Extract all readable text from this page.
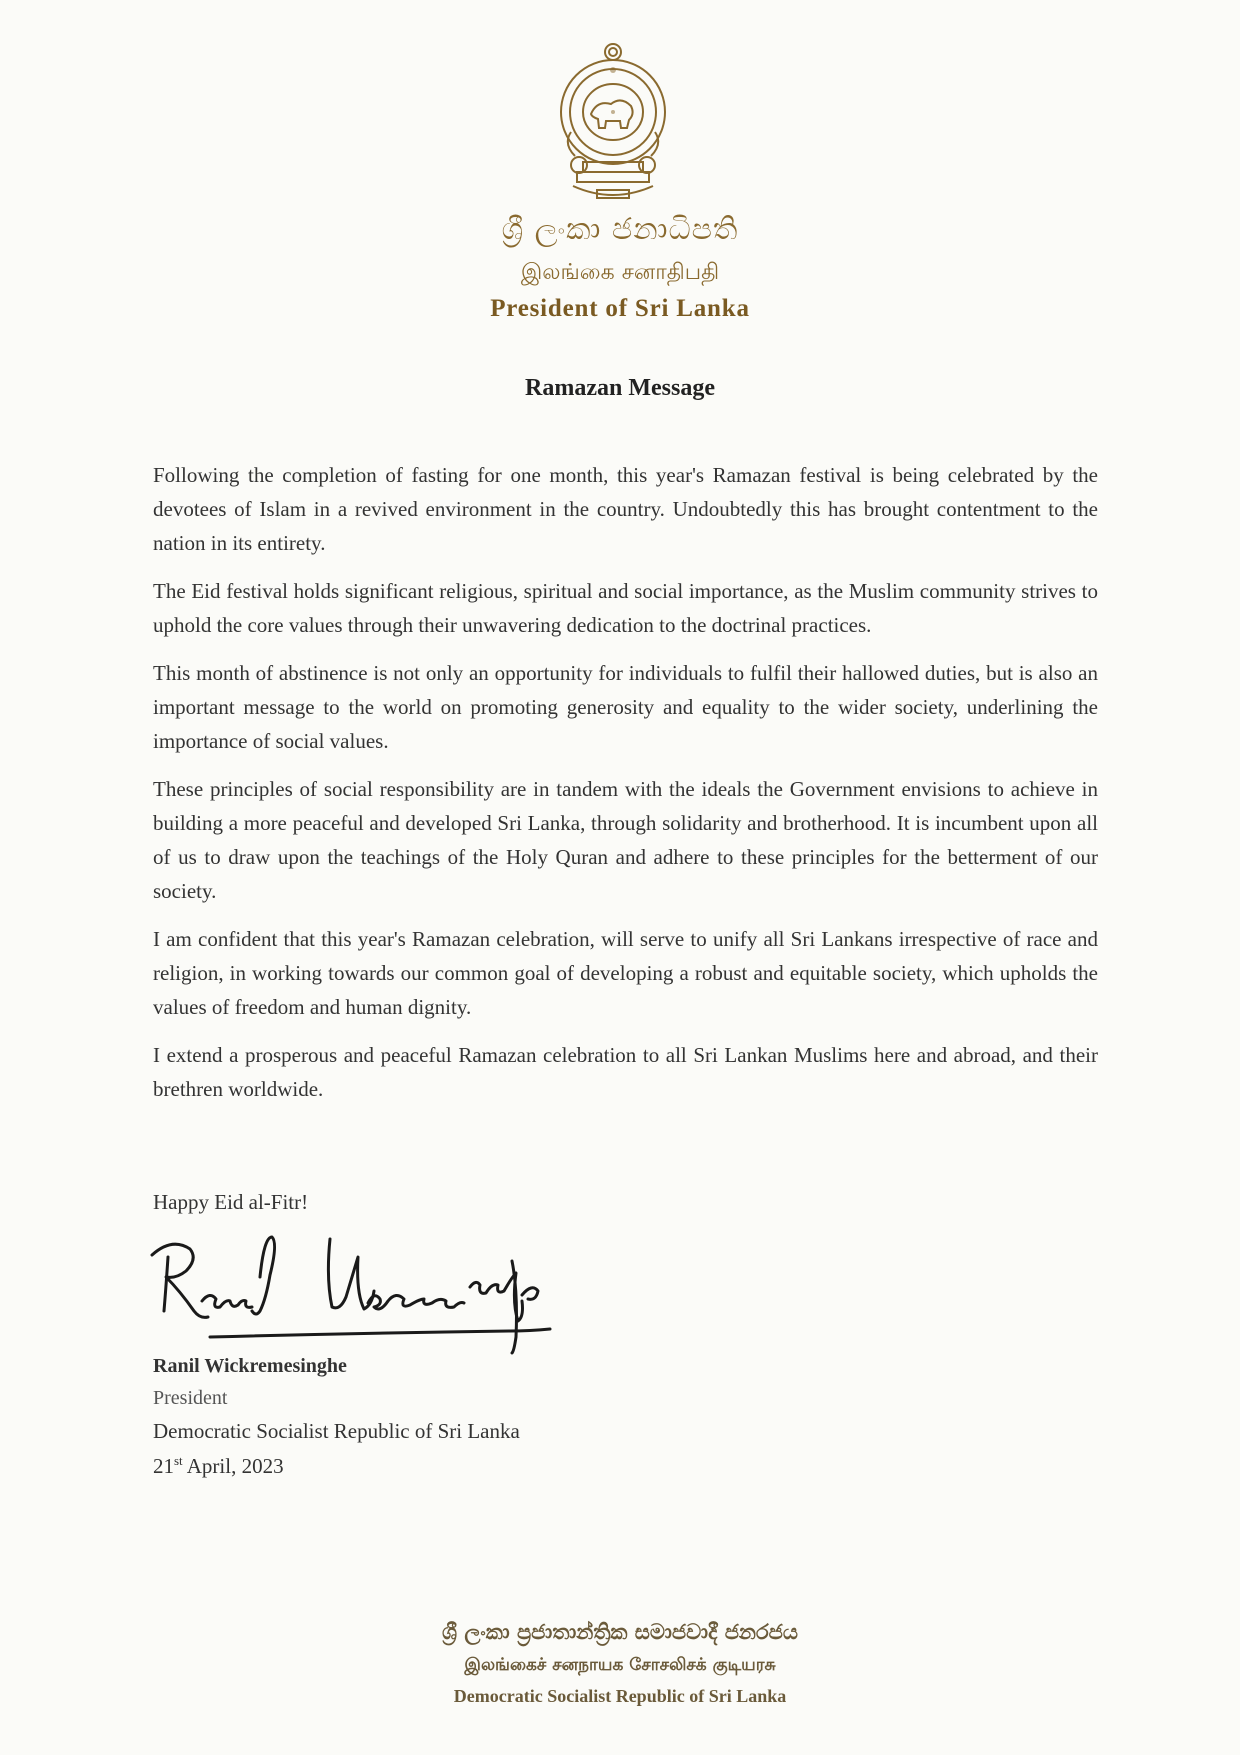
ශ්‍රී ලංකා ජනාධිපති
இலங்கை சனாதிபதி
President of Sri Lanka
Ramazan Message

Following the completion of fasting for one month, this year's Ramazan festival is being celebrated by the devotees of Islam in a revived environment in the country. Undoubtedly this has brought contentment to the nation in its entirety.

The Eid festival holds significant religious, spiritual and social importance, as the Muslim community strives to uphold the core values through their unwavering dedication to the doctrinal practices.

This month of abstinence is not only an opportunity for individuals to fulfil their hallowed duties, but is also an important message to the world on promoting generosity and equality to the wider society, underlining the importance of social values.

These principles of social responsibility are in tandem with the ideals the Government envisions to achieve in building a more peaceful and developed Sri Lanka, through solidarity and brotherhood. It is incumbent upon all of us to draw upon the teachings of the Holy Quran and adhere to these principles for the betterment of our society.

I am confident that this year's Ramazan celebration, will serve to unify all Sri Lankans irrespective of race and religion, in working towards our common goal of developing a robust and equitable society, which upholds the values of freedom and human dignity.

I extend a prosperous and peaceful Ramazan celebration to all Sri Lankan Muslims here and abroad, and their brethren worldwide.

Happy Eid al-Fitr!
Ranil Wickremesinghe
President
Democratic Socialist Republic of Sri Lanka
21st April, 2023
ශ්‍රී ලංකා ප්‍රජාතාන්ත්‍රික සමාජවාදී ජනරජය
இலங்கைச் சனநாயக சோசலிசக் குடியரசு
Democratic Socialist Republic of Sri Lanka
